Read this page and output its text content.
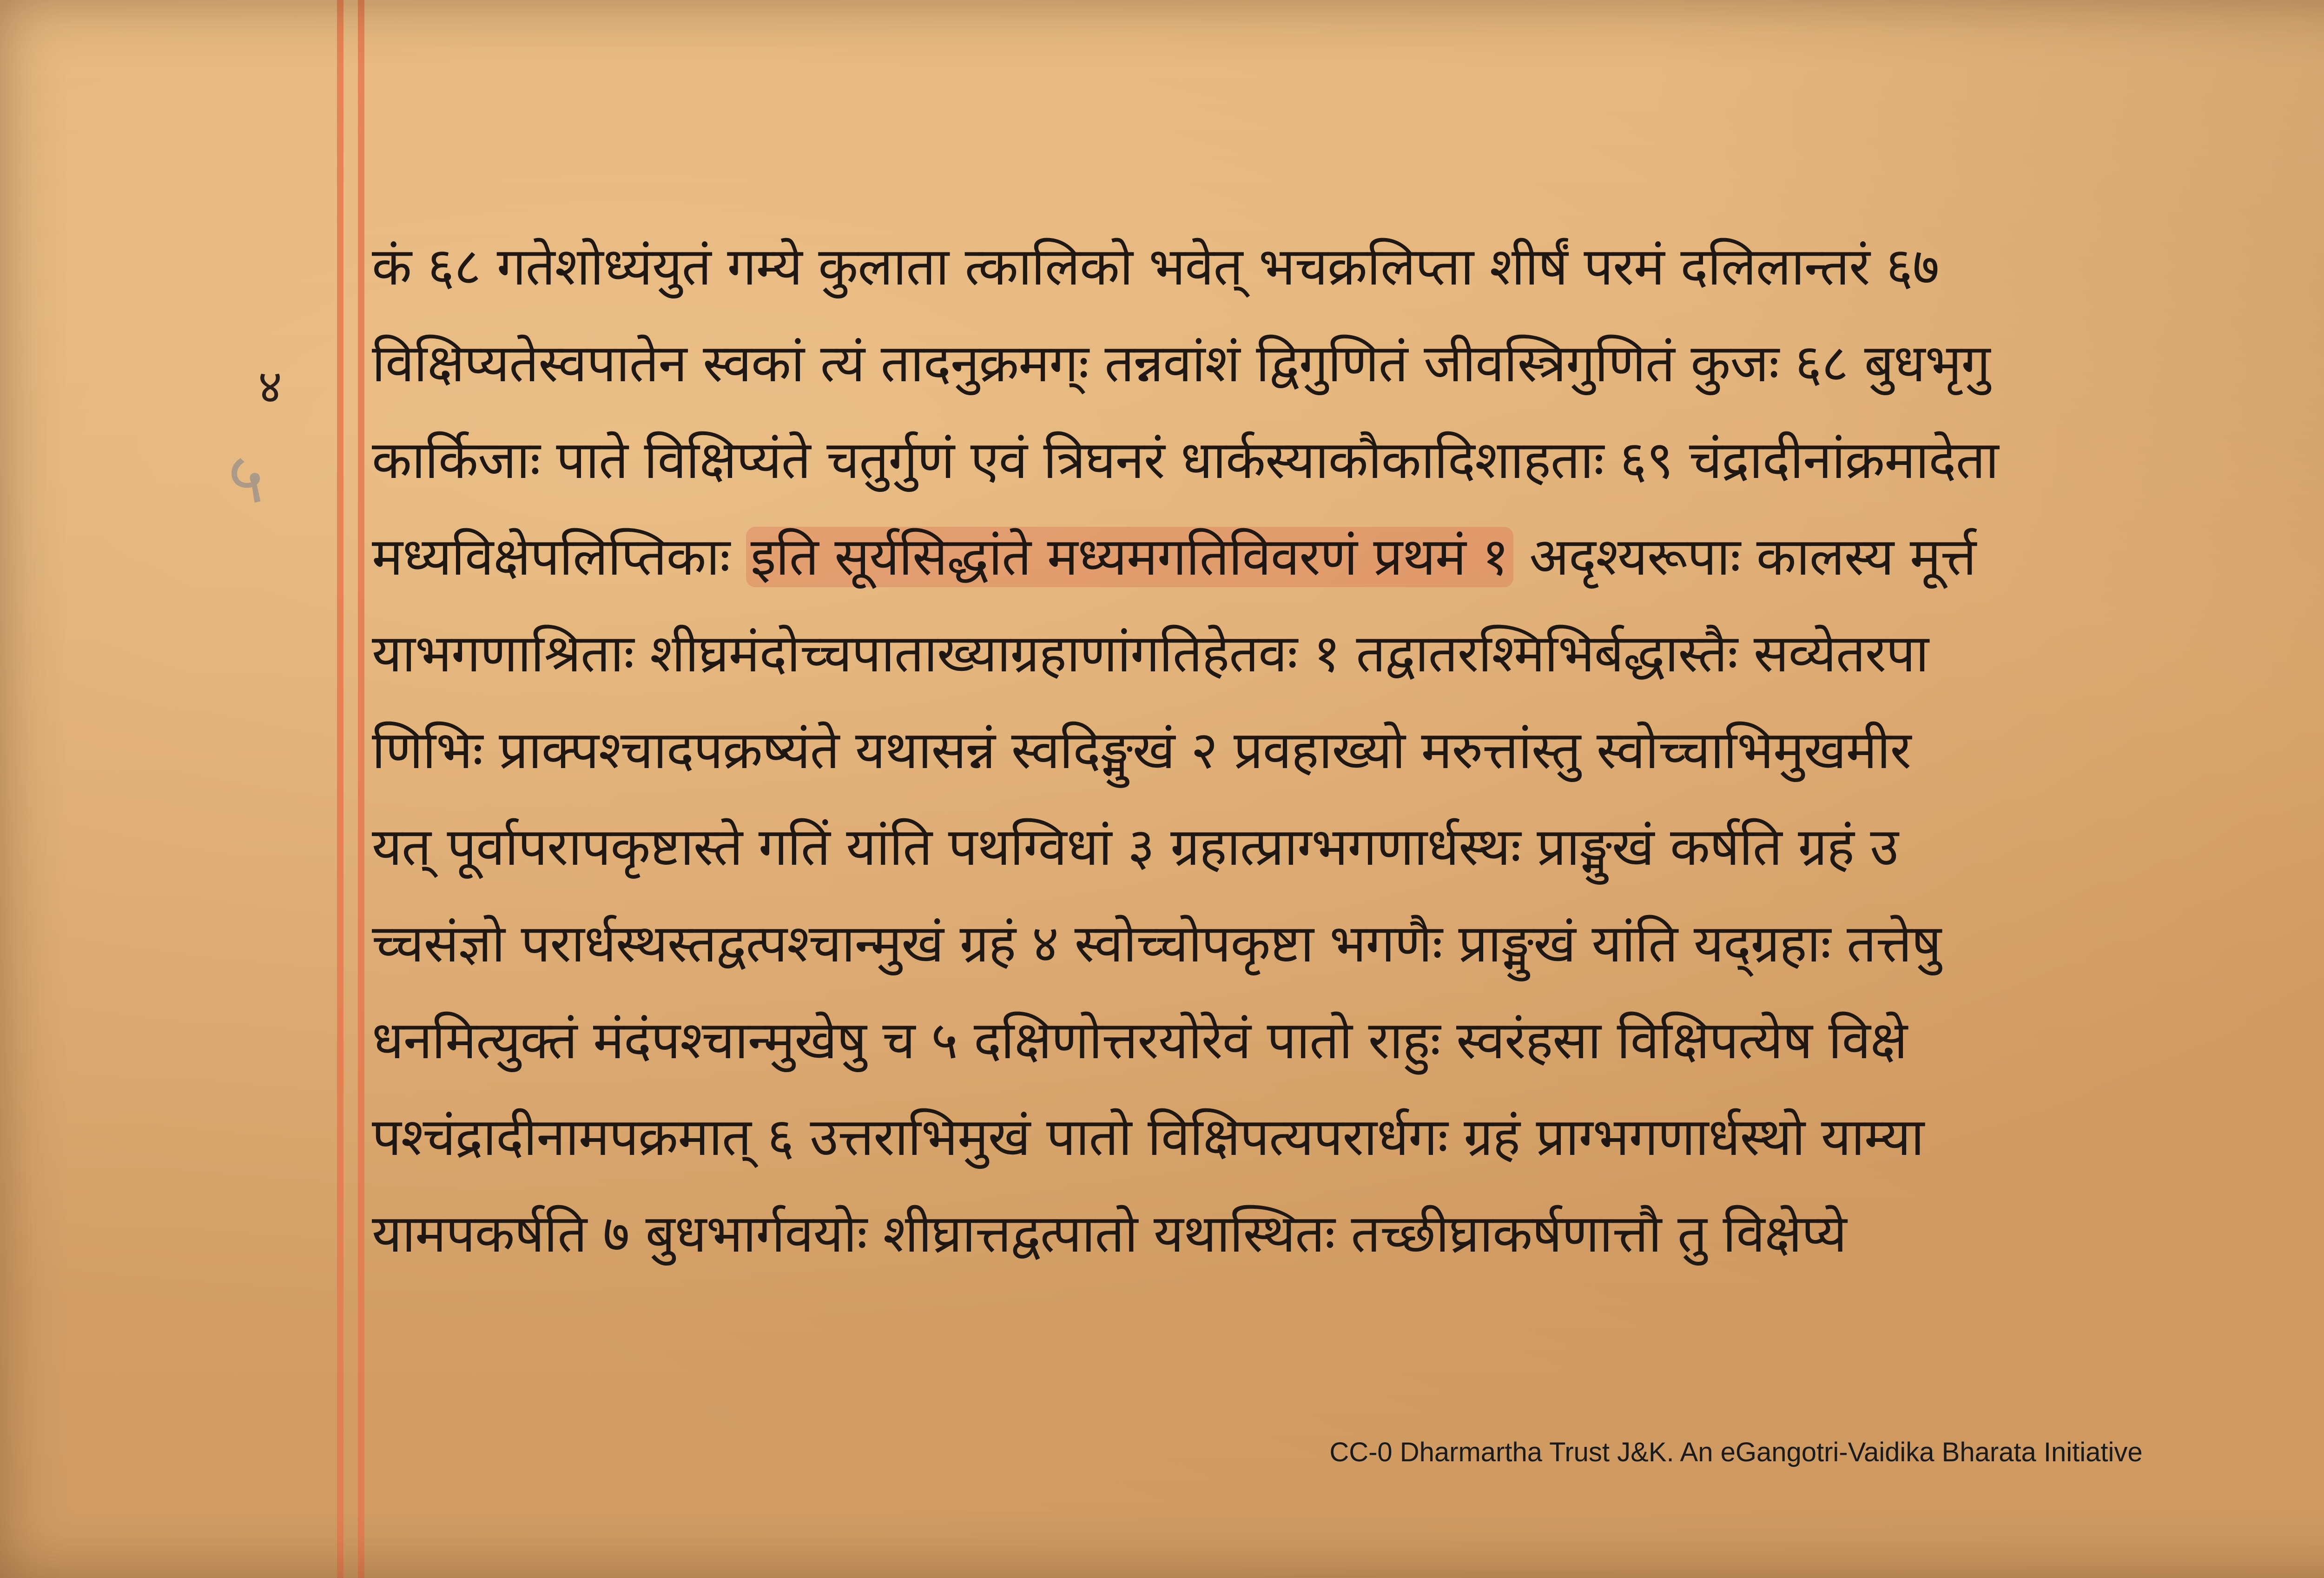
४
५
कं ६८ गतेशोध्यंयुतं गम्ये कुलाता त्कालिको भवेत् भचक्रलिप्ता शीर्षं परमं दलिलान्तरं ६७
विक्षिप्यतेस्वपातेन स्वकां त्यं तादनुक्रमग्ः तन्नवांशं द्विगुणितं जीवस्त्रिगुणितं कुजः ६८ बुधभृगु
कार्किजाः पाते विक्षिप्यंते चतुर्गुणं एवं त्रिघनरं धार्कस्याकौकादिशाहताः ६९ चंद्रादीनांक्रमादेता
मध्यविक्षेपलिप्तिकाः इति सूर्यसिद्धांते मध्यमगतिविवरणं प्रथमं १ अदृश्यरूपाः कालस्य मूर्त्त
याभगणाश्रिताः शीघ्रमंदोच्चपाताख्याग्रहाणांगतिहेतवः १ तद्वातरश्मिभिर्बद्धास्तैः सव्येतरपा
णिभिः प्राक्पश्चादपक्रष्यंते यथासन्नं स्वदिङ्मुखं २ प्रवहाख्यो मरुत्तांस्तु स्वोच्चाभिमुखमीर
यत् पूर्वापरापकृष्टास्ते गतिं यांति पथग्विधां ३ ग्रहात्प्राग्भगणार्धस्थः प्राङ्मुखं कर्षति ग्रहं उ
च्चसंज्ञो परार्धस्थस्तद्वत्पश्चान्मुखं ग्रहं ४ स्वोच्चोपकृष्टा भगणैः प्राङ्मुखं यांति यद्ग्रहाः तत्तेषु
धनमित्युक्तं मंदंपश्चान्मुखेषु च ५ दक्षिणोत्तरयोरेवं पातो राहुः स्वरंहसा विक्षिपत्येष विक्षे
पश्चंद्रादीनामपक्रमात् ६ उत्तराभिमुखं पातो विक्षिपत्यपरार्धगः ग्रहं प्राग्भगणार्धस्थो याम्या
यामपकर्षति ७ बुधभार्गवयोः शीघ्रात्तद्वत्पातो यथास्थितः तच्छीघ्राकर्षणात्तौ तु विक्षेप्ये
CC-0 Dharmartha Trust J&K. An eGangotri-Vaidika Bharata Initiative
